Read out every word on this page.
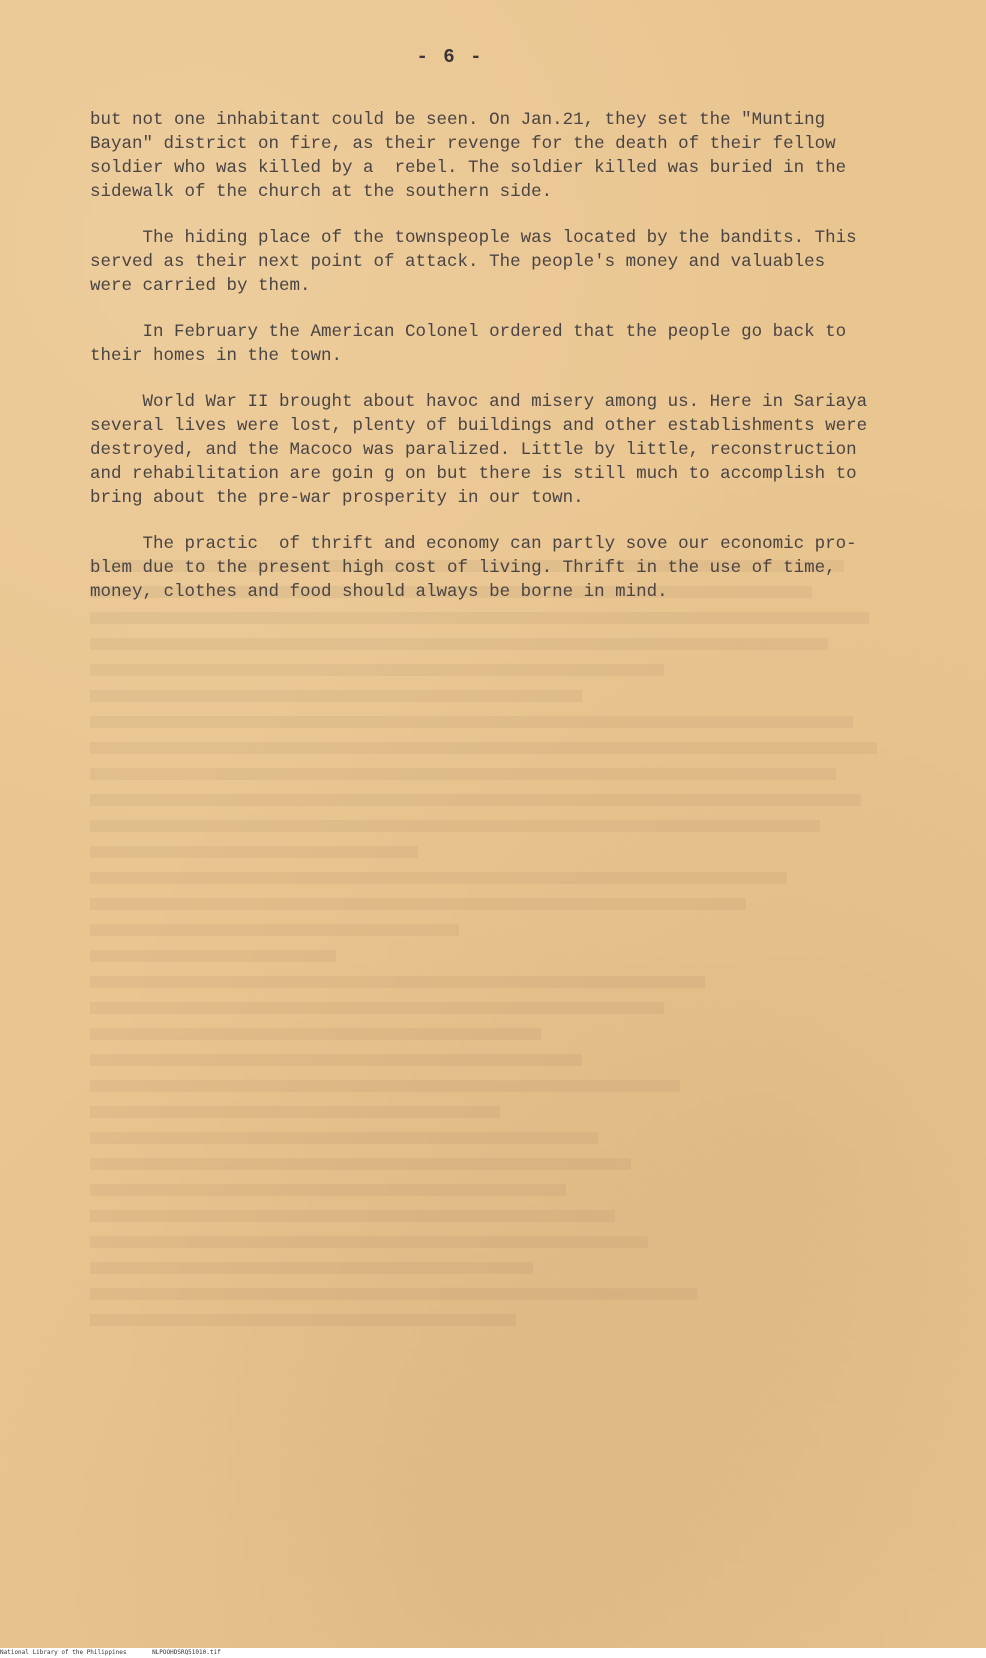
- 6 -

but not one inhabitant could be seen. On Jan.21, they set the "Munting
Bayan" district on fire, as their revenge for the death of their fellow
soldier who was killed by a  rebel. The soldier killed was buried in the
sidewalk of the church at the southern side.

The hiding place of the townspeople was located by the bandits. This
served as their next point of attack. The people's money and valuables
were carried by them.

In February the American Colonel ordered that the people go back to
their homes in the town.

World War II brought about havoc and misery among us. Here in Sariaya
several lives were lost, plenty of buildings and other establishments were
destroyed, and the Macoco was paralized. Little by little, reconstruction
and rehabilitation are goin g on but there is still much to accomplish to
bring about the pre-war prosperity in our town.

The practic  of thrift and economy can partly sove our economic pro-
blem due to the present high cost of living. Thrift in the use of time,
money, clothes and food should always be borne in mind.

National Library of the Philippines	NLPOOHDSRQ51010.tif
